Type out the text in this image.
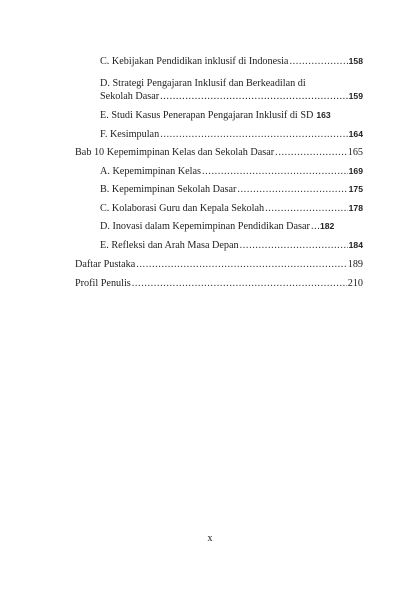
C. Kebijakan Pendidikan inklusif di Indonesia .....	158
D. Strategi Pengajaran Inklusif dan Berkeadilan di
Sekolah Dasar .....	159
E. Studi Kasus Penerapan Pengajaran Inklusif di SD 163
F. Kesimpulan .....	164
Bab 10 Kepemimpinan Kelas dan Sekolah Dasar .....	165
A. Kepemimpinan Kelas .....	169
B. Kepemimpinan Sekolah Dasar .....	175
C. Kolaborasi Guru dan Kepala Sekolah .....	178
D. Inovasi dalam Kepemimpinan Pendidikan Dasar ..... 182
E. Refleksi dan Arah Masa Depan .....	184
Daftar Pustaka .....	189
Profil Penulis .....	210
x
